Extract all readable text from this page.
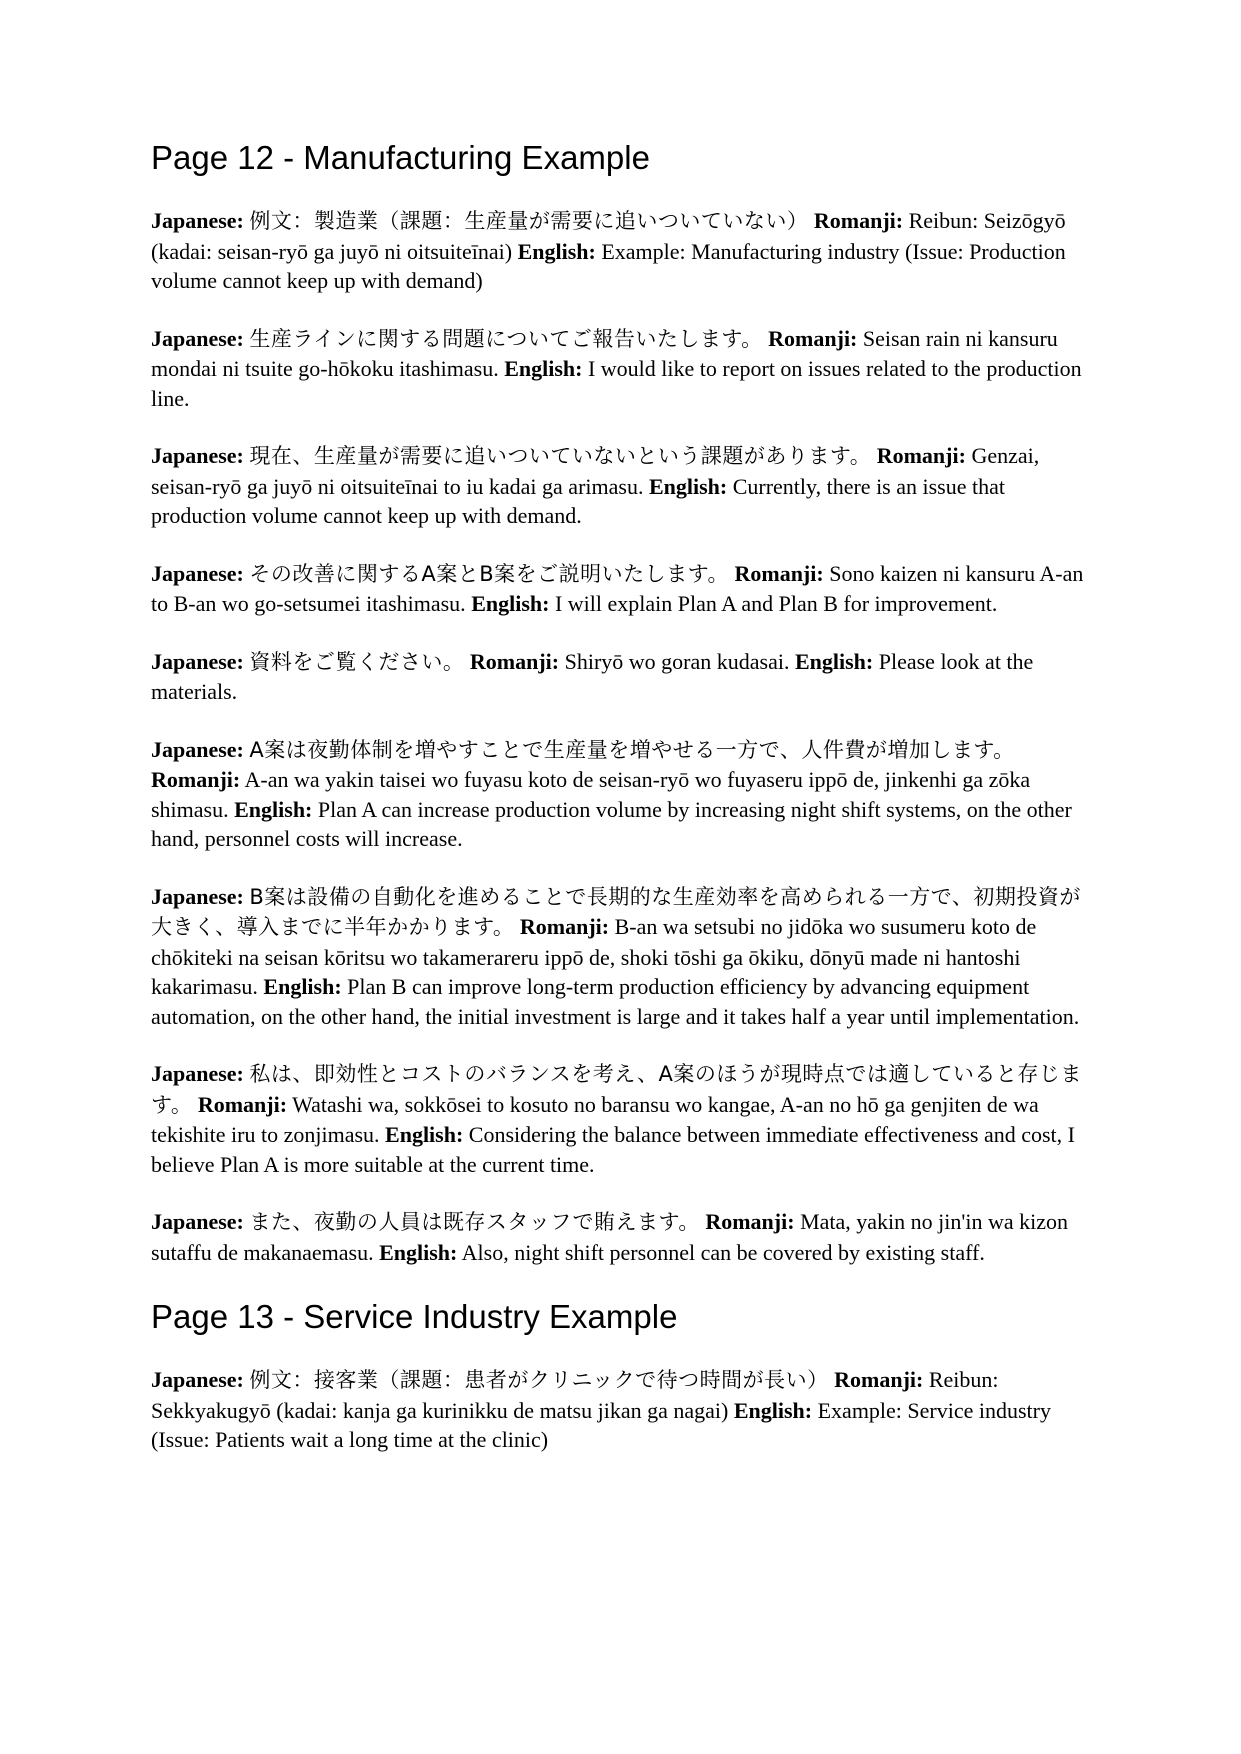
Page 12 - Manufacturing Example

Japanese: 例文：製造業（課題：生産量が需要に追いついていない） Romanji: Reibun: Seizōgyō (kadai: seisan-ryō ga juyō ni oitsuiteīnai) English: Example: Manufacturing industry (Issue: Production volume cannot keep up with demand)

Japanese: 生産ラインに関する問題についてご報告いたします。 Romanji: Seisan rain ni kansuru mondai ni tsuite go-hōkoku itashimasu. English: I would like to report on issues related to the production line.

Japanese: 現在、生産量が需要に追いついていないという課題があります。 Romanji: Genzai, seisan-ryō ga juyō ni oitsuiteīnai to iu kadai ga arimasu. English: Currently, there is an issue that production volume cannot keep up with demand.

Japanese: その改善に関するA案とB案をご説明いたします。 Romanji: Sono kaizen ni kansuru A-an to B-an wo go-setsumei itashimasu. English: I will explain Plan A and Plan B for improvement.

Japanese: 資料をご覧ください。 Romanji: Shiryō wo goran kudasai. English: Please look at the materials.

Japanese: A案は夜勤体制を増やすことで生産量を増やせる一方で、人件費が増加します。 Romanji: A-an wa yakin taisei wo fuyasu koto de seisan-ryō wo fuyaseru ippō de, jinkenhi ga zōka shimasu. English: Plan A can increase production volume by increasing night shift systems, on the other hand, personnel costs will increase.

Japanese: B案は設備の自動化を進めることで長期的な生産効率を高められる一方で、初期投資が大きく、導入までに半年かかります。 Romanji: B-an wa setsubi no jidōka wo susumeru koto de chōkiteki na seisan kōritsu wo takamerareru ippō de, shoki tōshi ga ōkiku, dōnyū made ni hantoshi kakarimasu. English: Plan B can improve long-term production efficiency by advancing equipment automation, on the other hand, the initial investment is large and it takes half a year until implementation.

Japanese: 私は、即効性とコストのバランスを考え、A案のほうが現時点では適していると存じます。 Romanji: Watashi wa, sokkōsei to kosuto no baransu wo kangae, A-an no hō ga genjiten de wa tekishite iru to zonjimasu. English: Considering the balance between immediate effectiveness and cost, I believe Plan A is more suitable at the current time.

Japanese: また、夜勤の人員は既存スタッフで賄えます。 Romanji: Mata, yakin no jin'in wa kizon sutaffu de makanaemasu. English: Also, night shift personnel can be covered by existing staff.

Page 13 - Service Industry Example

Japanese: 例文：接客業（課題：患者がクリニックで待つ時間が長い） Romanji: Reibun: Sekkyakugyō (kadai: kanja ga kurinikku de matsu jikan ga nagai) English: Example: Service industry (Issue: Patients wait a long time at the clinic)
